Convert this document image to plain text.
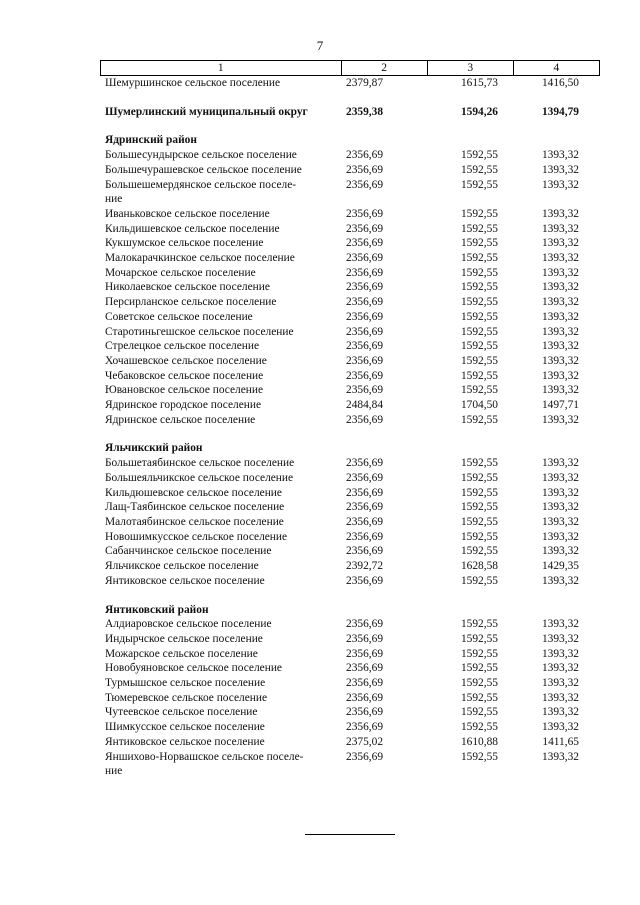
7
1	2	3	4
Шемуршинское сельское поселение	2379,87	1615,73	1416,50
Шумерлинский муниципальный округ	2359,38	1594,26	1394,79
Ядринский район
Большесундырское сельское поселение	2356,69	1592,55	1393,32
Большечурашевское сельское поселение	2356,69	1592,55	1393,32
Большешемердянское сельское поселе-	2356,69	1592,55	1393,32
ние
Иваньковское сельское поселение	2356,69	1592,55	1393,32
Кильдишевское сельское поселение	2356,69	1592,55	1393,32
Кукшумское сельское поселение	2356,69	1592,55	1393,32
Малокарачкинское сельское поселение	2356,69	1592,55	1393,32
Мочарское сельское поселение	2356,69	1592,55	1393,32
Николаевское сельское поселение	2356,69	1592,55	1393,32
Персирланское сельское поселение	2356,69	1592,55	1393,32
Советское сельское поселение	2356,69	1592,55	1393,32
Старотиньгешское сельское поселение	2356,69	1592,55	1393,32
Стрелецкое сельское поселение	2356,69	1592,55	1393,32
Хочашевское сельское поселение	2356,69	1592,55	1393,32
Чебаковское сельское поселение	2356,69	1592,55	1393,32
Ювановское сельское поселение	2356,69	1592,55	1393,32
Ядринское городское поселение	2484,84	1704,50	1497,71
Ядринское сельское поселение	2356,69	1592,55	1393,32
Яльчикский район
Большетаябинское сельское поселение	2356,69	1592,55	1393,32
Большеяльчикское сельское поселение	2356,69	1592,55	1393,32
Кильдюшевское сельское поселение	2356,69	1592,55	1393,32
Лащ-Таябинское сельское поселение	2356,69	1592,55	1393,32
Малотаябинское сельское поселение	2356,69	1592,55	1393,32
Новошимкусское сельское поселение	2356,69	1592,55	1393,32
Сабанчинское сельское поселение	2356,69	1592,55	1393,32
Яльчикское сельское поселение	2392,72	1628,58	1429,35
Янтиковское сельское поселение	2356,69	1592,55	1393,32
Янтиковский район
Алдиаровское сельское поселение	2356,69	1592,55	1393,32
Индырчское сельское поселение	2356,69	1592,55	1393,32
Можарское сельское поселение	2356,69	1592,55	1393,32
Новобуяновское сельское поселение	2356,69	1592,55	1393,32
Турмышское сельское поселение	2356,69	1592,55	1393,32
Тюмеревское сельское поселение	2356,69	1592,55	1393,32
Чутеевское сельское поселение	2356,69	1592,55	1393,32
Шимкусское сельское поселение	2356,69	1592,55	1393,32
Янтиковское сельское поселение	2375,02	1610,88	1411,65
Яншихово-Норвашское сельское поселе-	2356,69	1592,55	1393,32
ние
